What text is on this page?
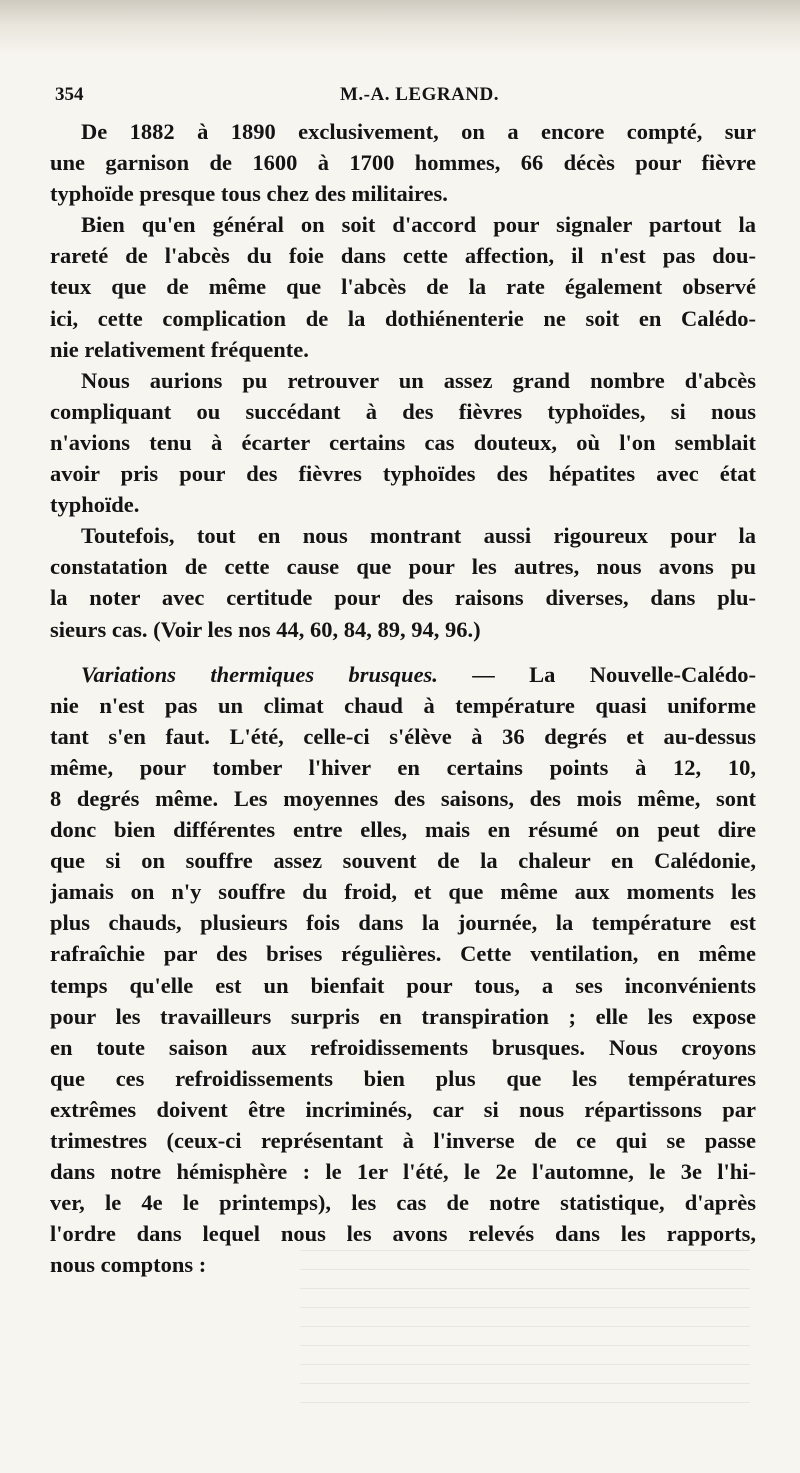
354	M.-A. LEGRAND.

De 1882 à 1890 exclusivement, on a encore compté, sur
une garnison de 1600 à 1700 hommes, 66 décès pour fièvre
typhoïde presque tous chez des militaires.

Bien qu'en général on soit d'accord pour signaler partout la
rareté de l'abcès du foie dans cette affection, il n'est pas dou-
teux que de même que l'abcès de la rate également observé
ici, cette complication de la dothiénenterie ne soit en Calédo-
nie relativement fréquente.

Nous aurions pu retrouver un assez grand nombre d'abcès
compliquant ou succédant à des fièvres typhoïdes, si nous
n'avions tenu à écarter certains cas douteux, où l'on semblait
avoir pris pour des fièvres typhoïdes des hépatites avec état
typhoïde.

Toutefois, tout en nous montrant aussi rigoureux pour la
constatation de cette cause que pour les autres, nous avons pu
la noter avec certitude pour des raisons diverses, dans plu-
sieurs cas. (Voir les nos 44, 60, 84, 89, 94, 96.)

Variations thermiques brusques. — La Nouvelle-Calédo-
nie n'est pas un climat chaud à température quasi uniforme
tant s'en faut. L'été, celle-ci s'élève à 36 degrés et au-dessus
même, pour tomber l'hiver en certains points à 12, 10,
8 degrés même. Les moyennes des saisons, des mois même, sont
donc bien différentes entre elles, mais en résumé on peut dire
que si on souffre assez souvent de la chaleur en Calédonie,
jamais on n'y souffre du froid, et que même aux moments les
plus chauds, plusieurs fois dans la journée, la température est
rafraîchie par des brises régulières. Cette ventilation, en même
temps qu'elle est un bienfait pour tous, a ses inconvénients
pour les travailleurs surpris en transpiration ; elle les expose
en toute saison aux refroidissements brusques. Nous croyons
que ces refroidissements bien plus que les températures
extrêmes doivent être incriminés, car si nous répartissons par
trimestres (ceux-ci représentant à l'inverse de ce qui se passe
dans notre hémisphère : le 1er l'été, le 2e l'automne, le 3e l'hi-
ver, le 4e le printemps), les cas de notre statistique, d'après
l'ordre dans lequel nous les avons relevés dans les rapports,
nous comptons :
